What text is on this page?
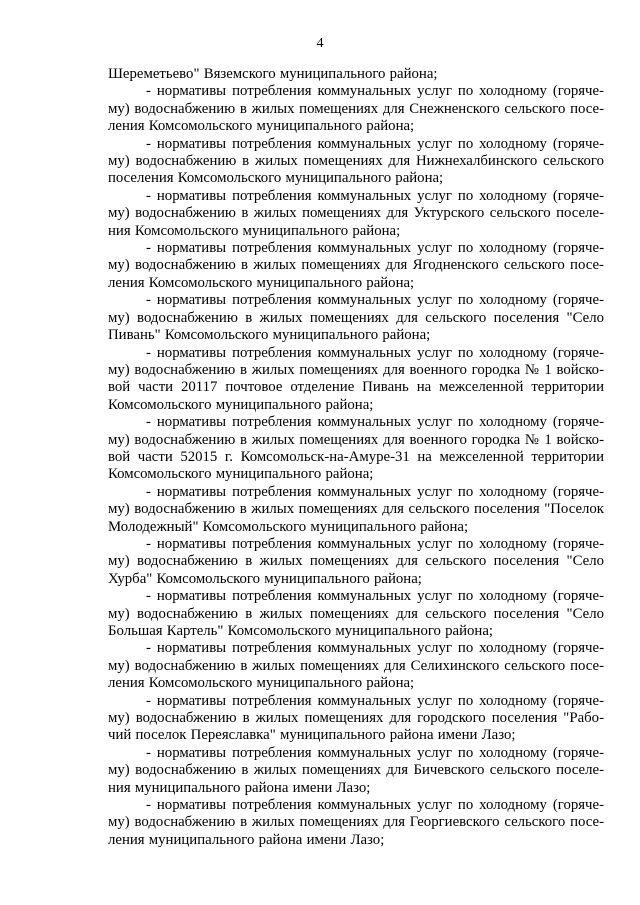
4

Шереметьево" Вяземского муниципального района;

- нормативы потребления коммунальных услуг по холодному (горяче-му) водоснабжению в жилых помещениях для Снежненского сельского посе-ления Комсомольского муниципального района;

- нормативы потребления коммунальных услуг по холодному (горяче-му) водоснабжению в жилых помещениях для Нижнехалбинского сельского поселения Комсомольского муниципального района;

- нормативы потребления коммунальных услуг по холодному (горяче-му) водоснабжению в жилых помещениях для Уктурского сельского поселе-ния Комсомольского муниципального района;

- нормативы потребления коммунальных услуг по холодному (горяче-му) водоснабжению в жилых помещениях для Ягодненского сельского посе-ления Комсомольского муниципального района;

- нормативы потребления коммунальных услуг по холодному (горяче-му) водоснабжению в жилых помещениях для сельского поселения "Село Пивань" Комсомольского муниципального района;

- нормативы потребления коммунальных услуг по холодному (горяче-му) водоснабжению в жилых помещениях для военного городка № 1 войско-вой части 20117 почтовое отделение Пивань на межселенной территории Комсомольского муниципального района;

- нормативы потребления коммунальных услуг по холодному (горяче-му) водоснабжению в жилых помещениях для военного городка № 1 войско-вой части 52015 г. Комсомольск-на-Амуре-31 на межселенной территории Комсомольского муниципального района;

- нормативы потребления коммунальных услуг по холодному (горяче-му) водоснабжению в жилых помещениях для сельского поселения "Поселок Молодежный" Комсомольского муниципального района;

- нормативы потребления коммунальных услуг по холодному (горяче-му) водоснабжению в жилых помещениях для сельского поселения "Село Хурба" Комсомольского муниципального района;

- нормативы потребления коммунальных услуг по холодному (горяче-му) водоснабжению в жилых помещениях для сельского поселения "Село Большая Картель" Комсомольского муниципального района;

- нормативы потребления коммунальных услуг по холодному (горяче-му) водоснабжению в жилых помещениях для Селихинского сельского посе-ления Комсомольского муниципального района;

- нормативы потребления коммунальных услуг по холодному (горяче-му) водоснабжению в жилых помещениях для городского поселения "Рабо-чий поселок Переяславка" муниципального района имени Лазо;

- нормативы потребления коммунальных услуг по холодному (горяче-му) водоснабжению в жилых помещениях для Бичевского сельского поселе-ния муниципального района имени Лазо;

- нормативы потребления коммунальных услуг по холодному (горяче-му) водоснабжению в жилых помещениях для Георгиевского сельского посе-ления муниципального района имени Лазо;
